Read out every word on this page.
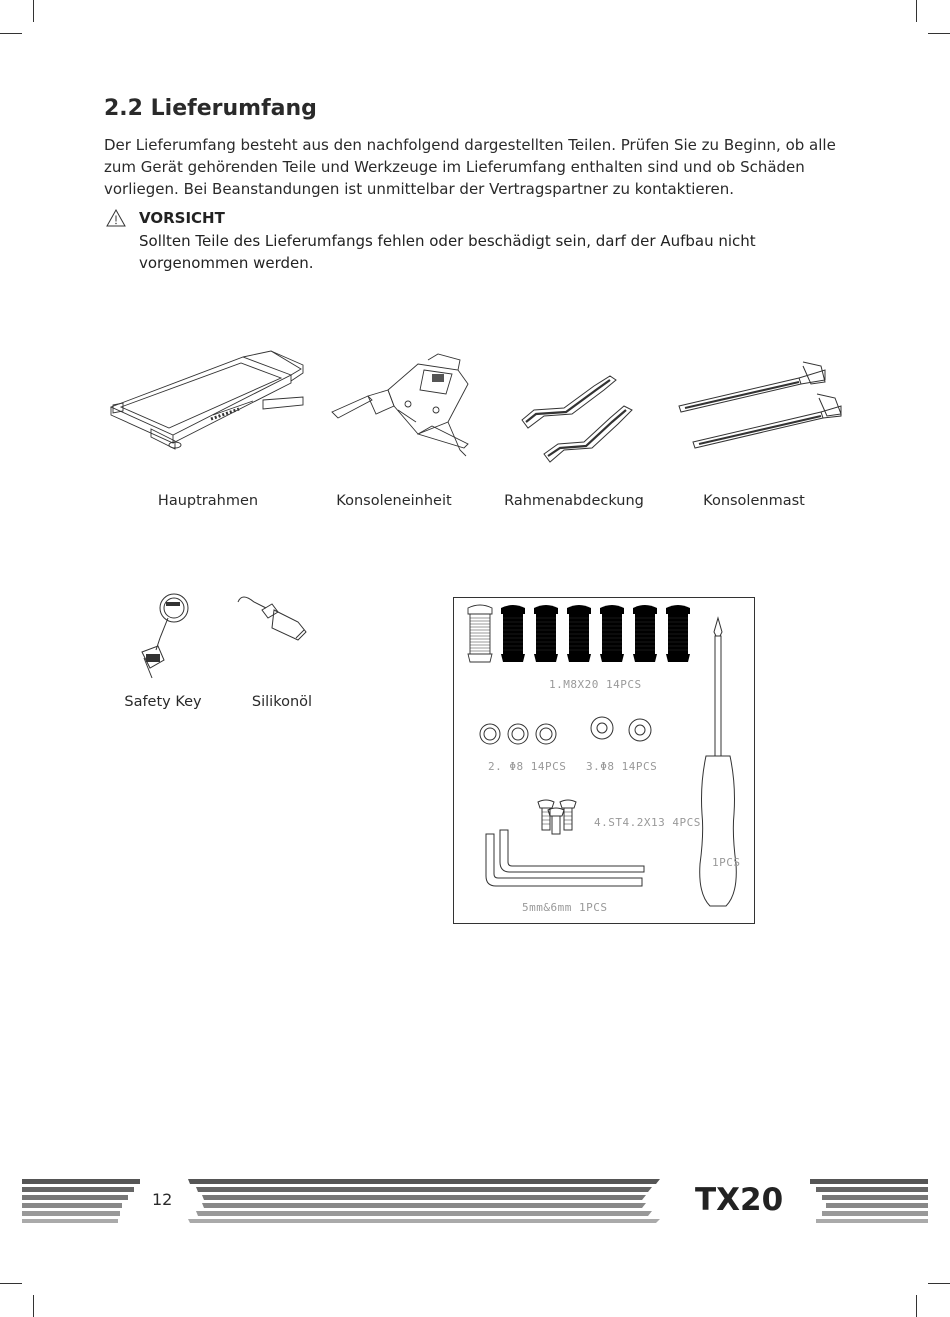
2.2 Lieferumfang
Der Lieferumfang besteht aus den nachfolgend dargestellten Teilen. Prüfen Sie zu Beginn, ob alle zum Gerät gehörenden Teile und Werkzeuge im Lieferumfang enthalten sind und ob Schäden vorliegen. Bei Beanstandungen ist unmittelbar der Vertragspartner zu kontaktieren.
VORSICHT
Sollten Teile des Lieferumfangs fehlen oder beschädigt sein, darf der Aufbau nicht vorgenommen werden.
Hauptrahmen	Konsoleneinheit	Rahmenabdeckung	Konsolenmast
Safety Key	Silikonöl
1.M8X20 14PCS
2. Φ8 14PCS 3.Φ8 14PCS
4.ST4.2X13 4PCS
5mm&6mm 1PCS
1PCS
12	TX20
